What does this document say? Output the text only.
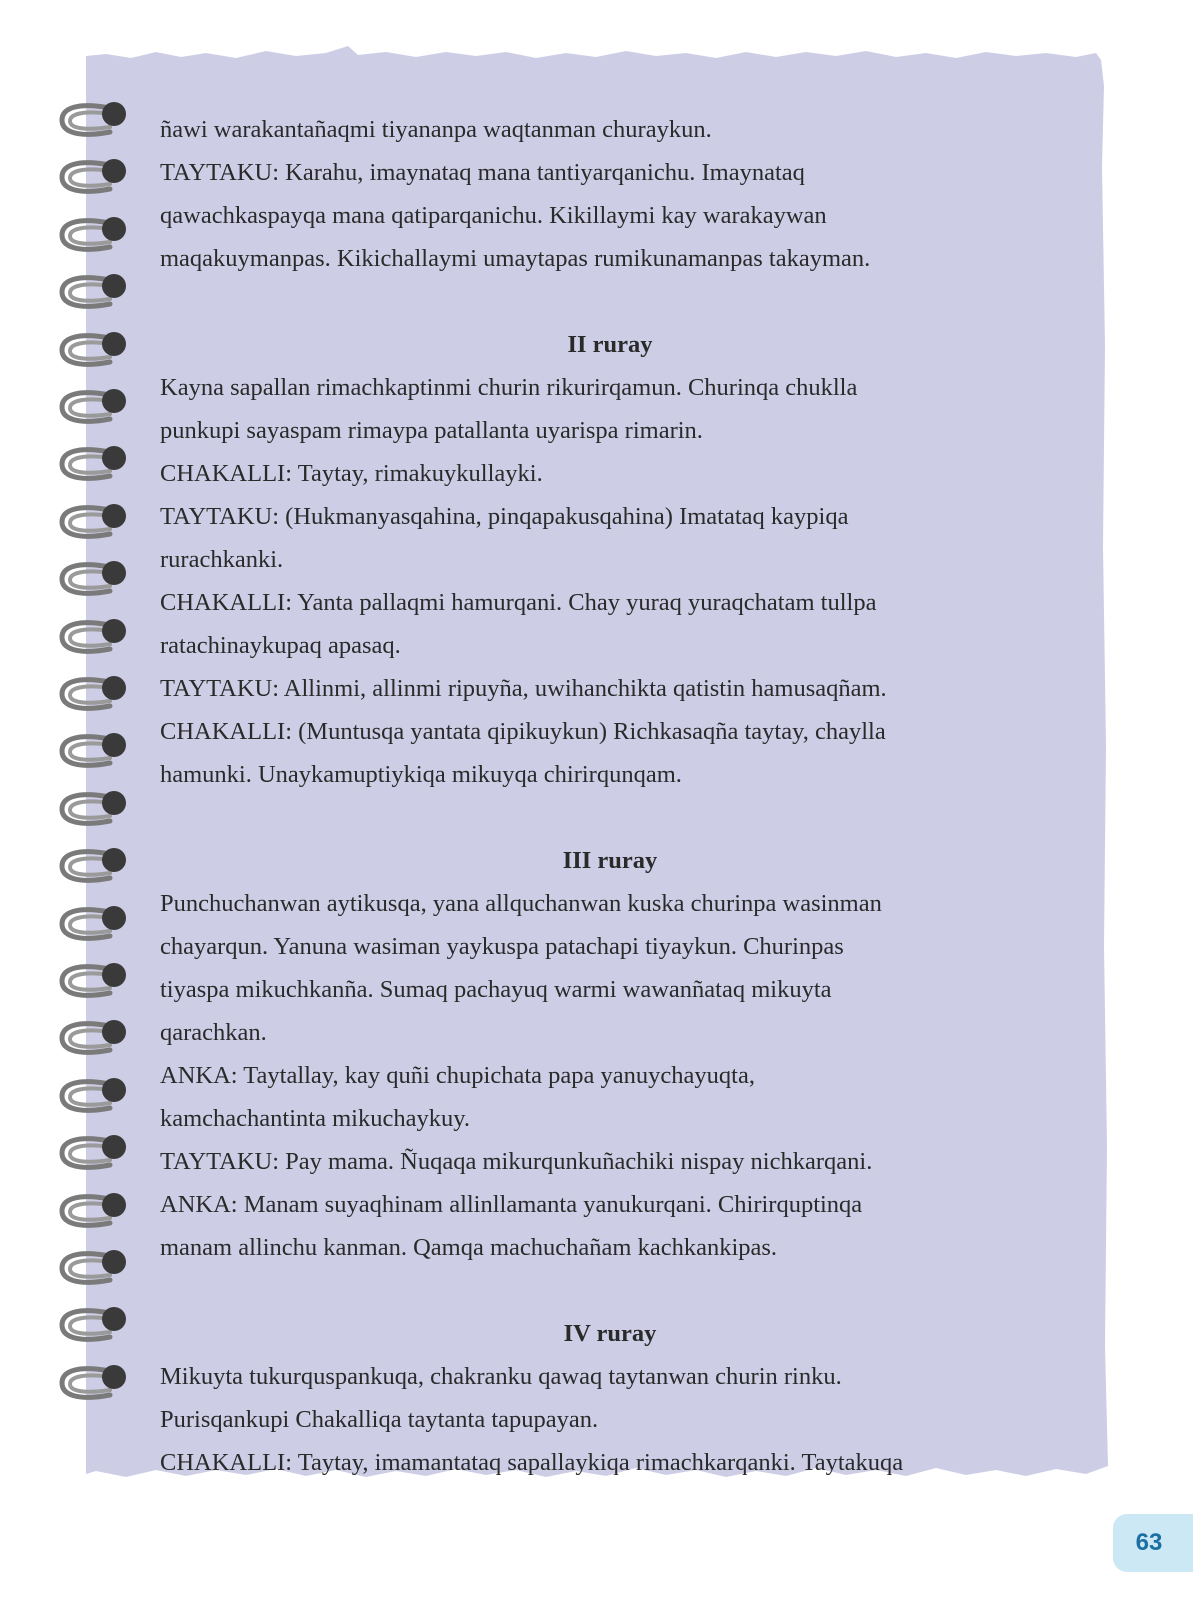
ñawi warakantañaqmi tiyananpa waqtanman churaykun.

TAYTAKU: Karahu, imaynataq mana tantiyarqanichu. Imaynataq

qawachkaspayqa mana qatiparqanichu. Kikillaymi kay warakaywan

maqakuymanpas. Kikichallaymi umaytapas rumikunamanpas takayman.

II ruray

Kayna sapallan rimachkaptinmi churin rikurirqamun. Churinqa chuklla

punkupi sayaspam rimaypa patallanta uyarispa rimarin.

CHAKALLI: Taytay, rimakuykullayki.

TAYTAKU: (Hukmanyasqahina, pinqapakusqahina) Imatataq kaypiqa

rurachkanki.

CHAKALLI: Yanta pallaqmi hamurqani. Chay yuraq yuraqchatam tullpa

ratachinaykupaq apasaq.

TAYTAKU: Allinmi, allinmi ripuyña, uwihanchikta qatistin hamusaqñam.

CHAKALLI: (Muntusqa yantata qipikuykun) Richkasaqña taytay, chaylla

hamunki. Unaykamuptiykiqa mikuyqa chirirqunqam.

III ruray

Punchuchanwan aytikusqa, yana allquchanwan kuska churinpa wasinman

chayarqun. Yanuna wasiman yaykuspa patachapi tiyaykun. Churinpas

tiyaspa mikuchkanña. Sumaq pachayuq warmi wawanñataq mikuyta

qarachkan.

ANKA: Taytallay, kay quñi chupichata papa yanuychayuqta,

kamchachantinta mikuchaykuy.

TAYTAKU: Pay mama. Ñuqaqa mikurqunkuñachiki nispay nichkarqani.

ANKA: Manam suyaqhinam allinllamanta yanukurqani. Chirirquptinqa

manam allinchu kanman. Qamqa machuchañam kachkankipas.

IV ruray

Mikuyta tukurquspankuqa, chakranku qawaq taytanwan churin rinku.

Purisqankupi Chakalliqa taytanta tapupayan.

CHAKALLI: Taytay, imamantataq sapallaykiqa rimachkarqanki. Taytakuqa

63
